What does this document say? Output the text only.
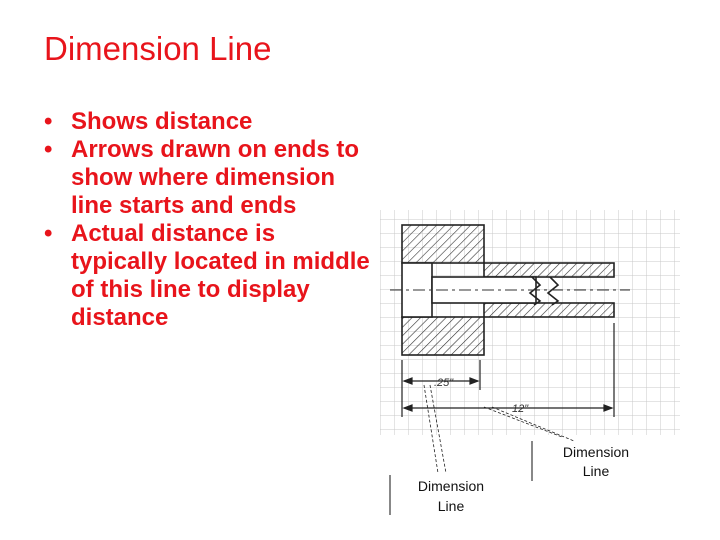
Dimension Line
• Shows distance
• Arrows drawn on ends to show where dimension line starts and ends
• Actual distance is typically located in middle of this line to display distance
.25"
12"
Dimension
Line
Dimension
Line
